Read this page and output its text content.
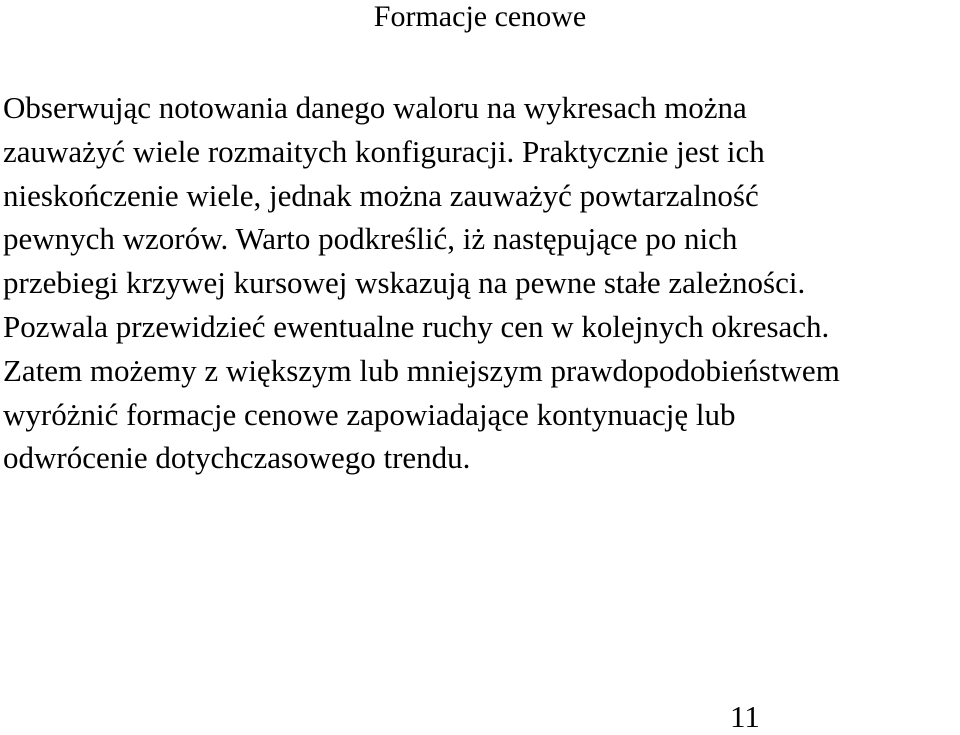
Formacje cenowe
Obserwując notowania danego waloru na wykresach można
zauważyć wiele rozmaitych konfiguracji. Praktycznie jest ich
nieskończenie wiele, jednak można zauważyć powtarzalność
pewnych wzorów. Warto podkreślić, iż następujące po nich
przebiegi krzywej kursowej wskazują na pewne stałe zależności.
Pozwala przewidzieć ewentualne ruchy cen w kolejnych okresach.
Zatem możemy z większym lub mniejszym prawdopodobieństwem
wyróżnić formacje cenowe zapowiadające kontynuację lub
odwrócenie dotychczasowego trendu.
11
